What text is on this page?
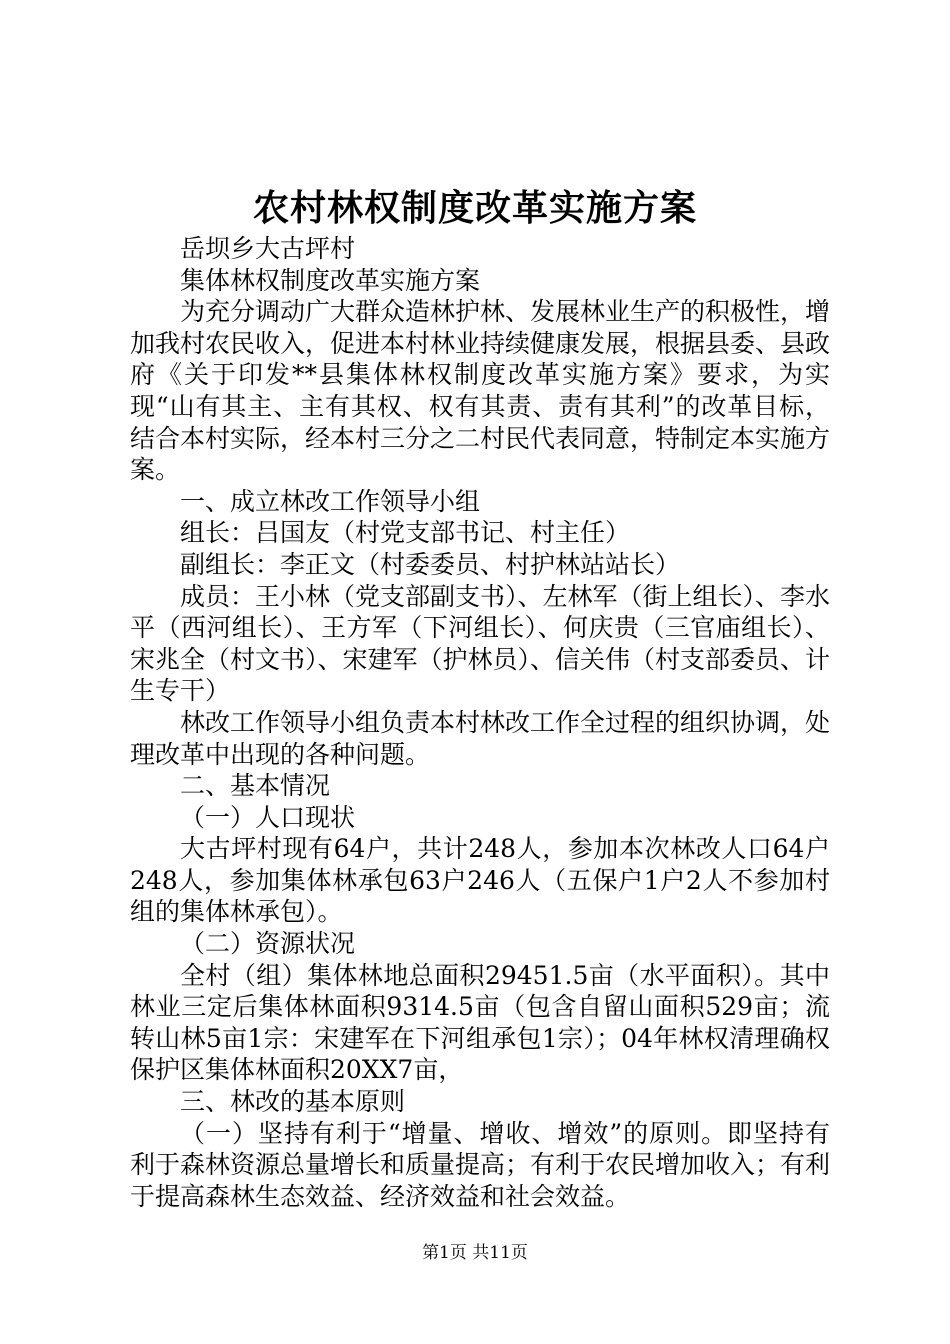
农村林权制度改革实施方案

岳坝乡大古坪村

集体林权制度改革实施方案

为充分调动广大群众造林护林、发展林业生产的积极性，增加我村农民收入，促进本村林业持续健康发展，根据县委、县政府《关于印发**县集体林权制度改革实施方案》要求，为实现“山有其主、主有其权、权有其责、责有其利”的改革目标，结合本村实际，经本村三分之二村民代表同意，特制定本实施方案。

一、成立林改工作领导小组

组长：吕国友（村党支部书记、村主任）

副组长：李正文（村委委员、村护林站站长）

成员：王小林（党支部副支书）、左林军（街上组长）、李水平（西河组长）、王方军（下河组长）、何庆贵（三官庙组长）、宋兆全（村文书）、宋建军（护林员）、信关伟（村支部委员、计生专干）

林改工作领导小组负责本村林改工作全过程的组织协调，处理改革中出现的各种问题。

二、基本情况

（一）人口现状

大古坪村现有64户，共计248人，参加本次林改人口64户248人，参加集体林承包63户246人（五保户1户2人不参加村组的集体林承包）。

（二）资源状况

全村（组）集体林地总面积29451.5亩（水平面积）。其中林业三定后集体林面积9314.5亩（包含自留山面积529亩；流转山林5亩1宗：宋建军在下河组承包1宗）；04年林权清理确权保护区集体林面积20XX7亩，

三、林改的基本原则

（一）坚持有利于“增量、增收、增效”的原则。即坚持有利于森林资源总量增长和质量提高；有利于农民增加收入；有利于提高森林生态效益、经济效益和社会效益。

第1页 共11页
